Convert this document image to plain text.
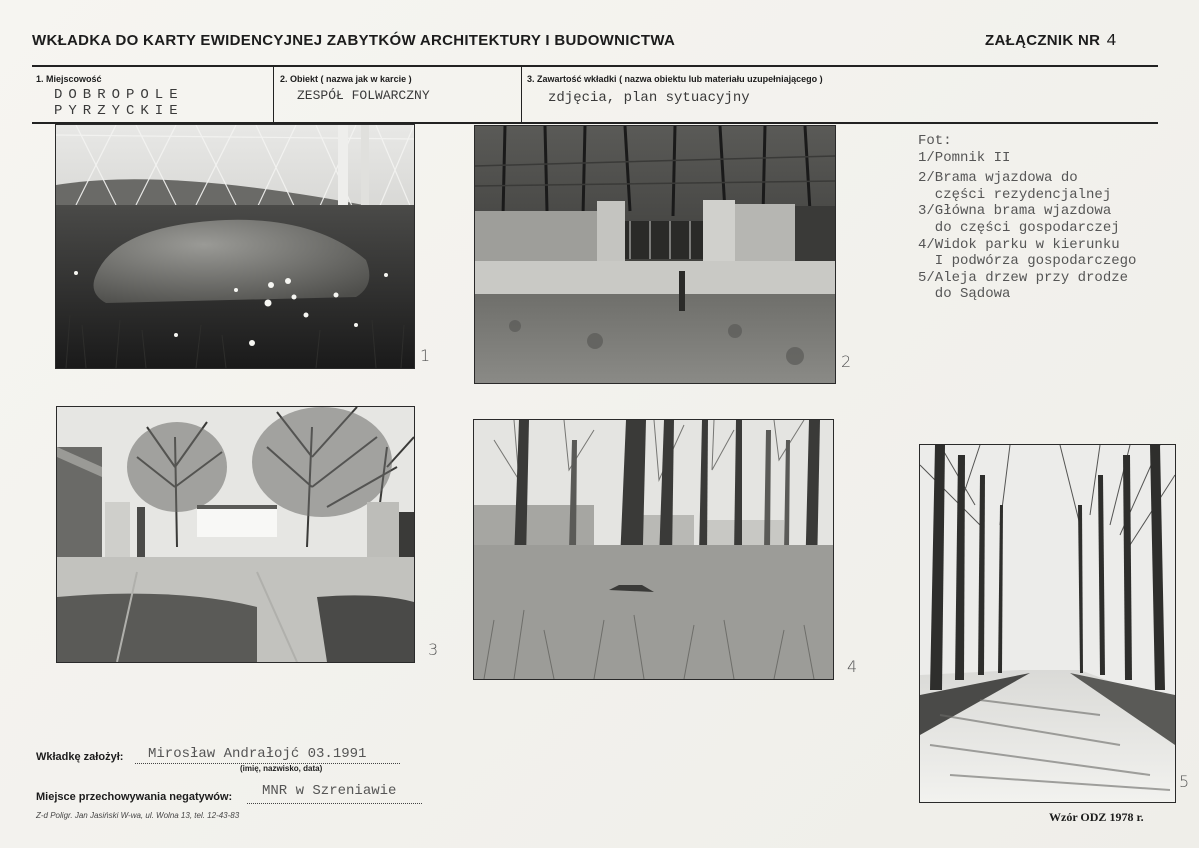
WKŁADKA DO KARTY EWIDENCYJNEJ ZABYTKÓW ARCHITEKTURY I BUDOWNICTWA	ZAŁĄCZNIK NR 4
1. Miejscowość
DOBROPOLE
PYRZYCKIE
2. Obiekt ( nazwa jak w karcie )
ZESPÓŁ FOLWARCZNY
3. Zawartość wkładki ( nazwa obiektu lub materiału uzupełniającego )
zdjęcia, plan sytuacyjny
1	2
3
4
5
Fot:
1/Pomnik II
2/Brama wjazdowa do
części rezydencjalnej
3/Główna brama wjazdowa
do części gospodarczej
4/Widok parku w kierunku
I podwórza gospodarczego
5/Aleja drzew przy drodze
do Sądowa
Wkładkę założył: Mirosław Andrałojć 03.1991
(imię, nazwisko, data)
Miejsce przechowywania negatywów: MNR w Szreniawie
Z-d Poligr. Jan Jasiński W-wa, ul. Wolna 13, tel. 12-43-83	Wzór ODZ 1978 r.
